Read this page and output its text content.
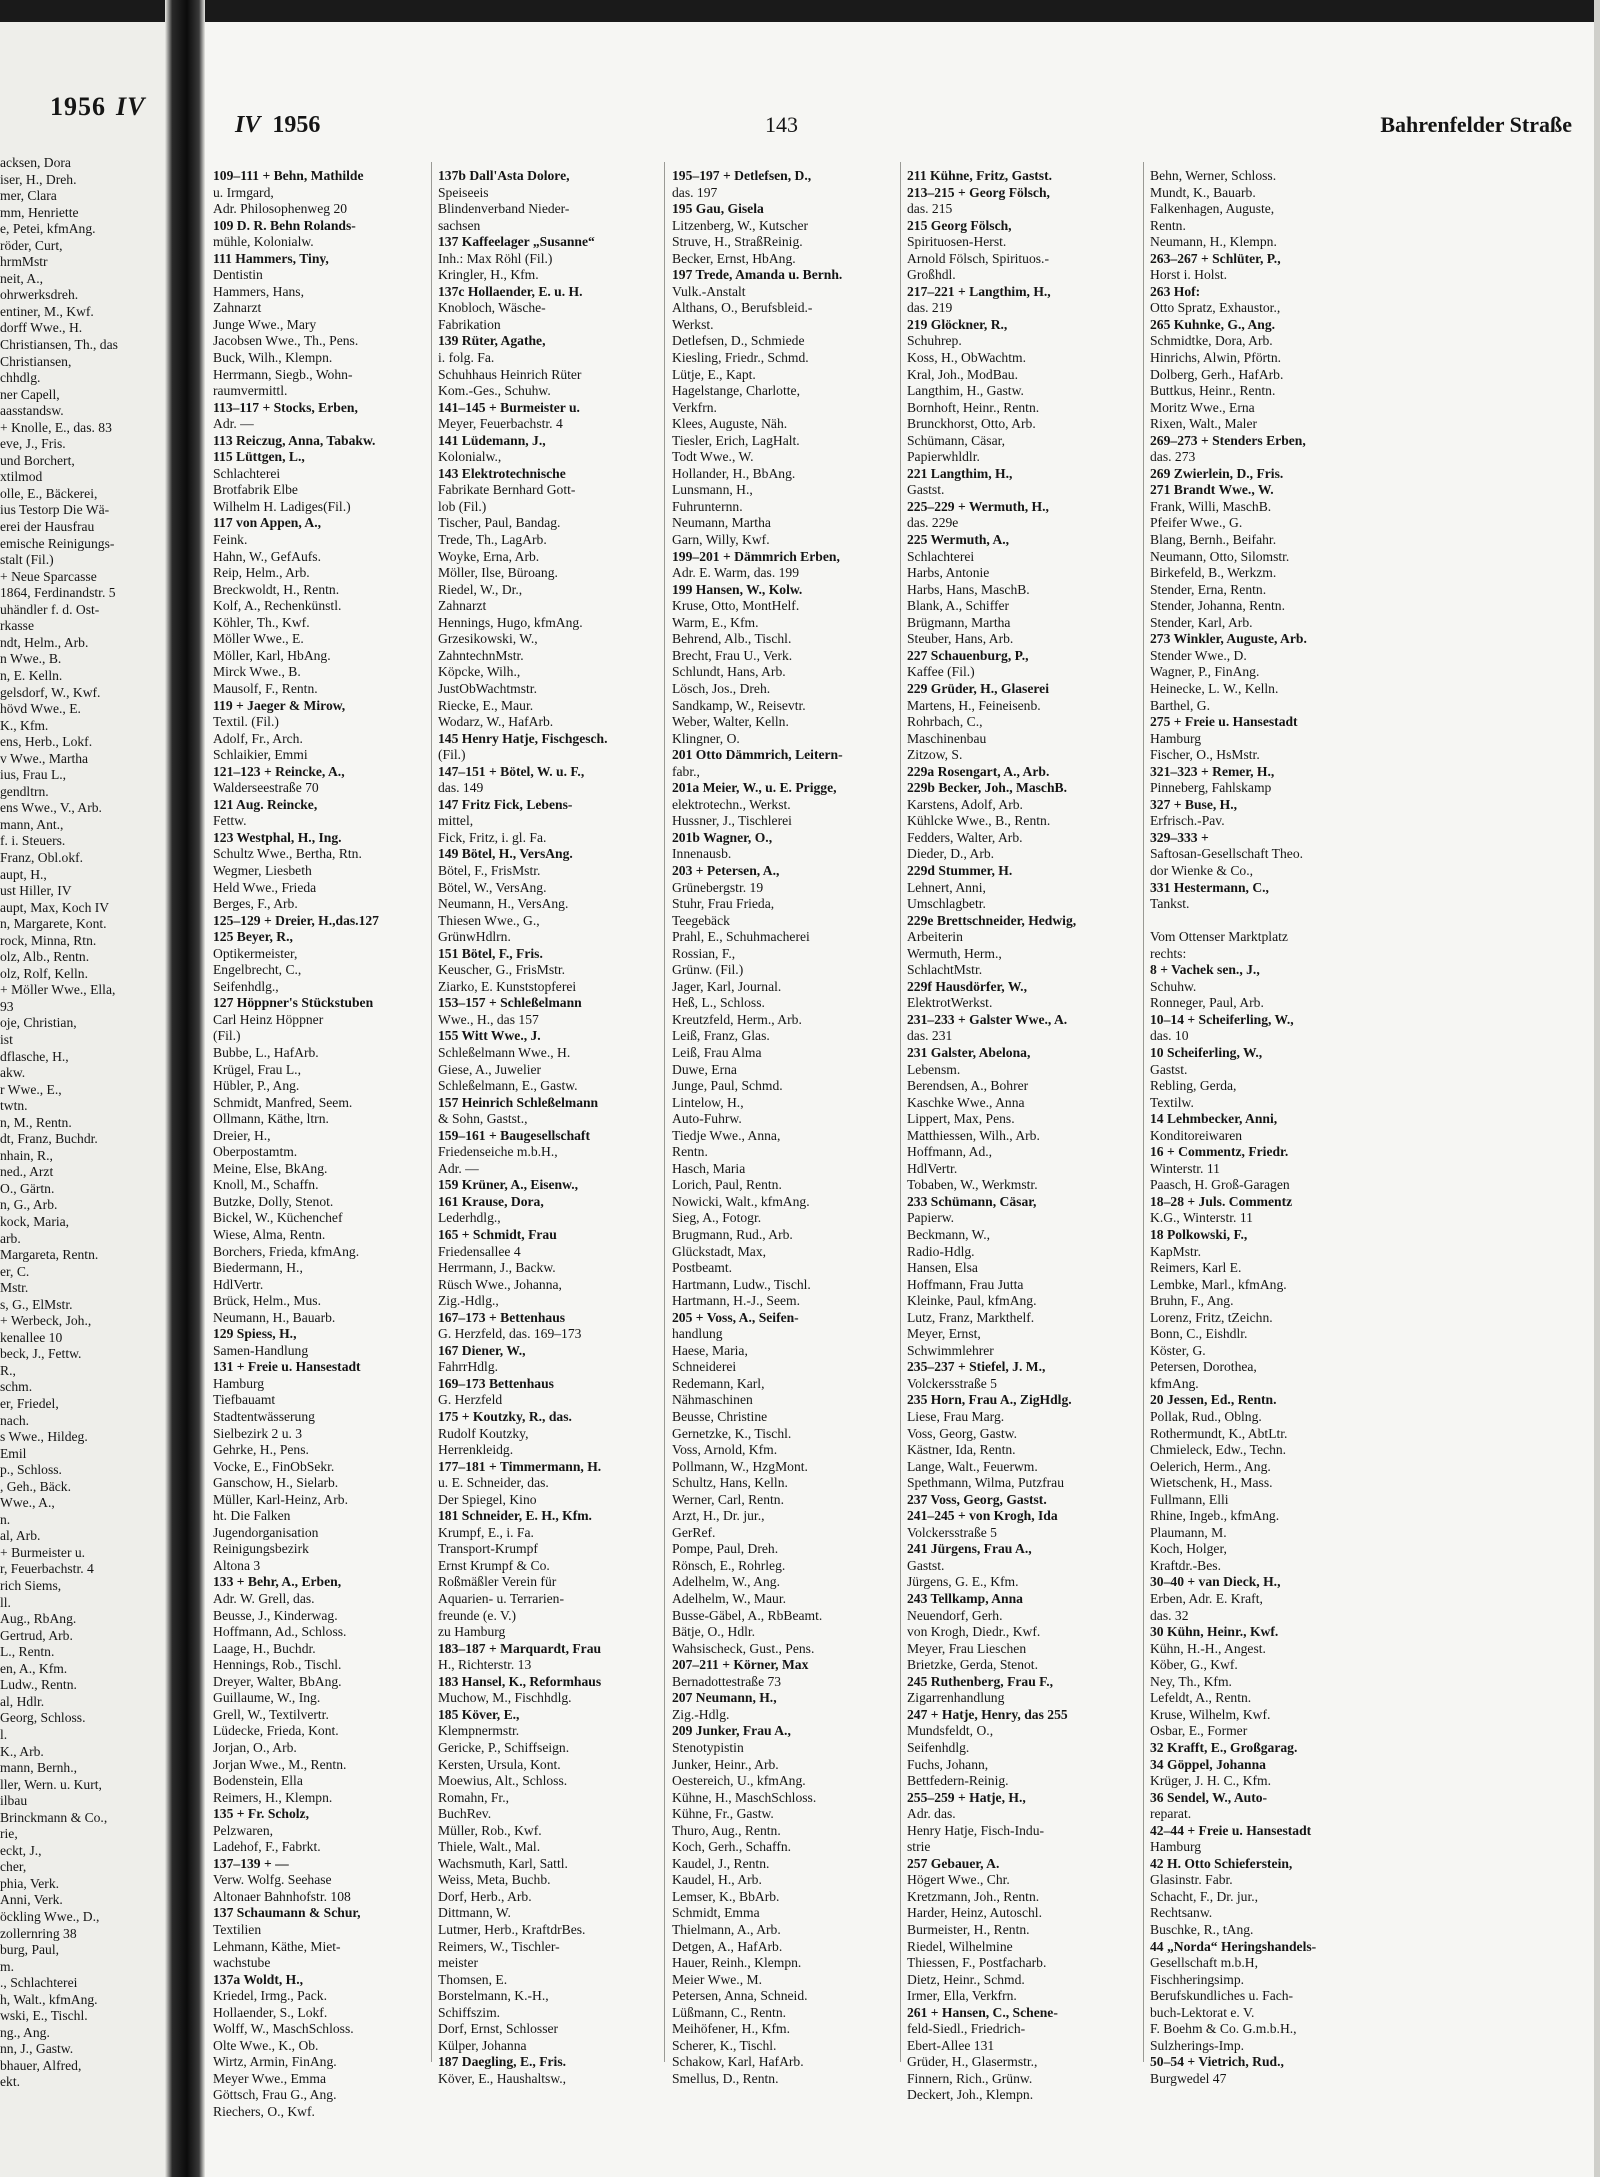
1956 IV
acksen, Dora
iser, H., Dreh.
mer, Clara
mm, Henriette
e, Petei, kfmAng.
röder, Curt,
hrmMstr
neit, A.,
ohrwerksdreh.
entiner, M., Kwf.
dorff Wwe., H.
Christiansen, Th., das
Christiansen,
chhdlg.
ner Capell,
aasstandsw.
+ Knolle, E., das. 83
eve, J., Fris.
und Borchert,
xtilmod
olle, E., Bäckerei,
ius Testorp Die Wä-
erei der Hausfrau
emische Reinigungs-
stalt (Fil.)
+ Neue Sparcasse
1864, Ferdinandstr. 5
uhändler f. d. Ost-
rkasse
ndt, Helm., Arb.
n Wwe., B.
n, E. Kelln.
gelsdorf, W., Kwf.
hövd Wwe., E.
K., Kfm.
ens, Herb., Lokf.
v Wwe., Martha
ius, Frau L.,
gendltrn.
ens Wwe., V., Arb.
mann, Ant.,
f. i. Steuers.
Franz, Obl.okf.
aupt, H.,
ust Hiller, IV
aupt, Max, Koch IV
n, Margarete, Kont.
rock, Minna, Rtn.
olz, Alb., Rentn.
olz, Rolf, Kelln.
+ Möller Wwe., Ella,
93
oje, Christian,
ist
dflasche, H.,
akw.
r Wwe., E.,
twtn.
n, M., Rentn.
dt, Franz, Buchdr.
nhain, R.,
ned., Arzt
O., Gärtn.
n, G., Arb.
kock, Maria,
arb.
Margareta, Rentn.
er, C.
Mstr.
s, G., ElMstr.
+ Werbeck, Joh.,
kenallee 10
beck, J., Fettw.
R.,
schm.
er, Friedel,
nach.
s Wwe., Hildeg.
Emil
p., Schloss.
, Geh., Bäck.
Wwe., A.,
n.
al, Arb.
+ Burmeister u.
r, Feuerbachstr. 4
rich Siems,
ll.
Aug., RbAng.
Gertrud, Arb.
L., Rentn.
en, A., Kfm.
Ludw., Rentn.
al, Hdlr.
Georg, Schloss.
l.
K., Arb.
mann, Bernh.,
ller, Wern. u. Kurt,
ilbau
Brinckmann & Co.,
rie,
eckt, J.,
cher,
phia, Verk.
Anni, Verk.
öckling Wwe., D.,
zollernring 38
burg, Paul,
m.
., Schlachterei
h, Walt., kfmAng.
wski, E., Tischl.
ng., Ang.
nn, J., Gastw.
bhauer, Alfred,
ekt.
IV 1956	143	Bahrenfelder Straße
109–111 + Behn, Mathilde
u. Irmgard,
Adr. Philosophenweg 20
109 D. R. Behn Rolands-
mühle, Kolonialw.
111 Hammers, Tiny,
Dentistin
Hammers, Hans,
Zahnarzt
Junge Wwe., Mary
Jacobsen Wwe., Th., Pens.
Buck, Wilh., Klempn.
Herrmann, Siegb., Wohn-
raumvermittl.
113–117 + Stocks, Erben,
Adr. —
113 Reiczug, Anna, Tabakw.
115 Lüttgen, L.,
Schlachterei
Brotfabrik Elbe
Wilhelm H. Ladiges(Fil.)
117 von Appen, A.,
Feink.
Hahn, W., GefAufs.
Reip, Helm., Arb.
Breckwoldt, H., Rentn.
Kolf, A., Rechenkünstl.
Köhler, Th., Kwf.
Möller Wwe., E.
Möller, Karl, HbAng.
Mirck Wwe., B.
Mausolf, F., Rentn.
119 + Jaeger & Mirow,
Textil. (Fil.)
Adolf, Fr., Arch.
Schlaikier, Emmi
121–123 + Reincke, A.,
Walderseestraße 70
121 Aug. Reincke,
Fettw.
123 Westphal, H., Ing.
Schultz Wwe., Bertha, Rtn.
Wegmer, Liesbeth
Held Wwe., Frieda
Berges, F., Arb.
125–129 + Dreier, H.,das.127
125 Beyer, R.,
Optikermeister,
Engelbrecht, C.,
Seifenhdlg.,
127 Höppner's Stückstuben
Carl Heinz Höppner
(Fil.)
Bubbe, L., HafArb.
Krügel, Frau L.,
Hübler, P., Ang.
Schmidt, Manfred, Seem.
Ollmann, Käthe, ltrn.
Dreier, H.,
Oberpostamtm.
Meine, Else, BkAng.
Knoll, M., Schaffn.
Butzke, Dolly, Stenot.
Bickel, W., Küchenchef
Wiese, Alma, Rentn.
Borchers, Frieda, kfmAng.
Biedermann, H.,
HdlVertr.
Brück, Helm., Mus.
Neumann, H., Bauarb.
129 Spiess, H.,
Samen-Handlung
131 + Freie u. Hansestadt
Hamburg
Tiefbauamt
Stadtentwässerung
Sielbezirk 2 u. 3
Gehrke, H., Pens.
Vocke, E., FinObSekr.
Ganschow, H., Sielarb.
Müller, Karl-Heinz, Arb.
ht. Die Falken
Jugendorganisation
Reinigungsbezirk
Altona 3
133 + Behr, A., Erben,
Adr. W. Grell, das.
Beusse, J., Kinderwag.
Hoffmann, Ad., Schloss.
Laage, H., Buchdr.
Hennings, Rob., Tischl.
Dreyer, Walter, BbAng.
Guillaume, W., Ing.
Grell, W., Textilvertr.
Lüdecke, Frieda, Kont.
Jorjan, O., Arb.
Jorjan Wwe., M., Rentn.
Bodenstein, Ella
Reimers, H., Klempn.
135 + Fr. Scholz,
Pelzwaren,
Ladehof, F., Fabrkt.
137–139 + —
Verw. Wolfg. Seehase
Altonaer Bahnhofstr. 108
137 Schaumann & Schur,
Textilien
Lehmann, Käthe, Miet-
wachstube
137a Woldt, H.,
Kriedel, Irmg., Pack.
Hollaender, S., Lokf.
Wolff, W., MaschSchloss.
Olte Wwe., K., Ob.
Wirtz, Armin, FinAng.
Meyer Wwe., Emma
Göttsch, Frau G., Ang.
Riechers, O., Kwf.
137b Dall'Asta Dolore,
Speiseeis
Blindenverband Nieder-
sachsen
137 Kaffeelager „Susanne“
Inh.: Max Röhl (Fil.)
Kringler, H., Kfm.
137c Hollaender, E. u. H.
Knobloch, Wäsche-
Fabrikation
139 Rüter, Agathe,
i. folg. Fa.
Schuhhaus Heinrich Rüter
Kom.-Ges., Schuhw.
141–145 + Burmeister u.
Meyer, Feuerbachstr. 4
141 Lüdemann, J.,
Kolonialw.,
143 Elektrotechnische
Fabrikate Bernhard Gott-
lob (Fil.)
Tischer, Paul, Bandag.
Trede, Th., LagArb.
Woyke, Erna, Arb.
Möller, Ilse, Büroang.
Riedel, W., Dr.,
Zahnarzt
Hennings, Hugo, kfmAng.
Grzesikowski, W.,
ZahntechnMstr.
Köpcke, Wilh.,
JustObWachtmstr.
Riecke, E., Maur.
Wodarz, W., HafArb.
145 Henry Hatje, Fischgesch.
(Fil.)
147–151 + Bötel, W. u. F.,
das. 149
147 Fritz Fick, Lebens-
mittel,
Fick, Fritz, i. gl. Fa.
149 Bötel, H., VersAng.
Bötel, F., FrisMstr.
Bötel, W., VersAng.
Neumann, H., VersAng.
Thiesen Wwe., G.,
GrünwHdlrn.
151 Bötel, F., Fris.
Keuscher, G., FrisMstr.
Ziarko, E. Kunststopferei
153–157 + Schleßelmann
Wwe., H., das 157
155 Witt Wwe., J.
Schleßelmann Wwe., H.
Giese, A., Juwelier
Schleßelmann, E., Gastw.
157 Heinrich Schleßelmann
& Sohn, Gastst.,
159–161 + Baugesellschaft
Friedenseiche m.b.H.,
Adr. —
159 Krüner, A., Eisenw.,
161 Krause, Dora,
Lederhdlg.,
165 + Schmidt, Frau
Friedensallee 4
Herrmann, J., Backw.
Rüsch Wwe., Johanna,
Zig.-Hdlg.,
167–173 + Bettenhaus
G. Herzfeld, das. 169–173
167 Diener, W.,
FahrrHdlg.
169–173 Bettenhaus
G. Herzfeld
175 + Koutzky, R., das.
Rudolf Koutzky,
Herrenkleidg.
177–181 + Timmermann, H.
u. E. Schneider, das.
Der Spiegel, Kino
181 Schneider, E. H., Kfm.
Krumpf, E., i. Fa.
Transport-Krumpf
Ernst Krumpf & Co.
Roßmäßler Verein für
Aquarien- u. Terrarien-
freunde (e. V.)
zu Hamburg
183–187 + Marquardt, Frau
H., Richterstr. 13
183 Hansel, K., Reformhaus
Muchow, M., Fischhdlg.
185 Köver, E.,
Klempnermstr.
Gericke, P., Schiffseign.
Kersten, Ursula, Kont.
Moewius, Alt., Schloss.
Romahn, Fr.,
BuchRev.
Müller, Rob., Kwf.
Thiele, Walt., Mal.
Wachsmuth, Karl, Sattl.
Weiss, Meta, Buchb.
Dorf, Herb., Arb.
Dittmann, W.
Lutmer, Herb., KraftdrBes.
Reimers, W., Tischler-
meister
Thomsen, E.
Borstelmann, K.-H.,
Schiffszim.
Dorf, Ernst, Schlosser
Külper, Johanna
187 Daegling, E., Fris.
Köver, E., Haushaltsw.,
195–197 + Detlefsen, D.,
das. 197
195 Gau, Gisela
Litzenberg, W., Kutscher
Struve, H., StraßReinig.
Becker, Ernst, HbAng.
197 Trede, Amanda u. Bernh.
Vulk.-Anstalt
Althans, O., Berufsbleid.-
Werkst.
Detlefsen, D., Schmiede
Kiesling, Friedr., Schmd.
Lütje, E., Kapt.
Hagelstange, Charlotte,
Verkfrn.
Klees, Auguste, Näh.
Tiesler, Erich, LagHalt.
Todt Wwe., W.
Hollander, H., BbAng.
Lunsmann, H.,
Fuhrunternn.
Neumann, Martha
Garn, Willy, Kwf.
199–201 + Dämmrich Erben,
Adr. E. Warm, das. 199
199 Hansen, W., Kolw.
Kruse, Otto, MontHelf.
Warm, E., Kfm.
Behrend, Alb., Tischl.
Brecht, Frau U., Verk.
Schlundt, Hans, Arb.
Lösch, Jos., Dreh.
Sandkamp, W., Reisevtr.
Weber, Walter, Kelln.
Klingner, O.
201 Otto Dämmrich, Leitern-
fabr.,
201a Meier, W., u. E. Prigge,
elektrotechn., Werkst.
Hussner, J., Tischlerei
201b Wagner, O.,
Innenausb.
203 + Petersen, A.,
Grünebergstr. 19
Stuhr, Frau Frieda,
Teegebäck
Prahl, E., Schuhmacherei
Rossian, F.,
Grünw. (Fil.)
Jager, Karl, Journal.
Heß, L., Schloss.
Kreutzfeld, Herm., Arb.
Leiß, Franz, Glas.
Leiß, Frau Alma
Duwe, Erna
Junge, Paul, Schmd.
Lintelow, H.,
Auto-Fuhrw.
Tiedje Wwe., Anna,
Rentn.
Hasch, Maria
Lorich, Paul, Rentn.
Nowicki, Walt., kfmAng.
Sieg, A., Fotogr.
Brugmann, Rud., Arb.
Glückstadt, Max,
Postbeamt.
Hartmann, Ludw., Tischl.
Hartmann, H.-J., Seem.
205 + Voss, A., Seifen-
handlung
Haese, Maria,
Schneiderei
Redemann, Karl,
Nähmaschinen
Beusse, Christine
Gernetzke, K., Tischl.
Voss, Arnold, Kfm.
Pollmann, W., HzgMont.
Schultz, Hans, Kelln.
Werner, Carl, Rentn.
Arzt, H., Dr. jur.,
GerRef.
Pompe, Paul, Dreh.
Rönsch, E., Rohrleg.
Adelhelm, W., Ang.
Adelhelm, W., Maur.
Busse-Gäbel, A., RbBeamt.
Bätje, O., Hdlr.
Wahsischeck, Gust., Pens.
207–211 + Körner, Max
Bernadottestraße 73
207 Neumann, H.,
Zig.-Hdlg.
209 Junker, Frau A.,
Stenotypistin
Junker, Heinr., Arb.
Oestereich, U., kfmAng.
Kühne, H., MaschSchloss.
Kühne, Fr., Gastw.
Thuro, Aug., Rentn.
Koch, Gerh., Schaffn.
Kaudel, J., Rentn.
Kaudel, H., Arb.
Lemser, K., BbArb.
Schmidt, Emma
Thielmann, A., Arb.
Detgen, A., HafArb.
Hauer, Reinh., Klempn.
Meier Wwe., M.
Petersen, Anna, Schneid.
Lüßmann, C., Rentn.
Meihöfener, H., Kfm.
Scherer, K., Tischl.
Schakow, Karl, HafArb.
Smellus, D., Rentn.
211 Kühne, Fritz, Gastst.
213–215 + Georg Fölsch,
das. 215
215 Georg Fölsch,
Spirituosen-Herst.
Arnold Fölsch, Spirituos.-
Großhdl.
217–221 + Langthim, H.,
das. 219
219 Glöckner, R.,
Schuhrep.
Koss, H., ObWachtm.
Kral, Joh., ModBau.
Langthim, H., Gastw.
Bornhoft, Heinr., Rentn.
Brunckhorst, Otto, Arb.
Schümann, Cäsar,
Papierwhldlr.
221 Langthim, H.,
Gastst.
225–229 + Wermuth, H.,
das. 229e
225 Wermuth, A.,
Schlachterei
Harbs, Antonie
Harbs, Hans, MaschB.
Blank, A., Schiffer
Brügmann, Martha
Steuber, Hans, Arb.
227 Schauenburg, P.,
Kaffee (Fil.)
229 Grüder, H., Glaserei
Martens, H., Feineisenb.
Rohrbach, C.,
Maschinenbau
Zitzow, S.
229a Rosengart, A., Arb.
229b Becker, Joh., MaschB.
Karstens, Adolf, Arb.
Kühlcke Wwe., B., Rentn.
Fedders, Walter, Arb.
Dieder, D., Arb.
229d Stummer, H.
Lehnert, Anni,
Umschlagbetr.
229e Brettschneider, Hedwig,
Arbeiterin
Wermuth, Herm.,
SchlachtMstr.
229f Hausdörfer, W.,
ElektrotWerkst.
231–233 + Galster Wwe., A.
das. 231
231 Galster, Abelona,
Lebensm.
Berendsen, A., Bohrer
Kaschke Wwe., Anna
Lippert, Max, Pens.
Matthiessen, Wilh., Arb.
Hoffmann, Ad.,
HdlVertr.
Tobaben, W., Werkmstr.
233 Schümann, Cäsar,
Papierw.
Beckmann, W.,
Radio-Hdlg.
Hansen, Elsa
Hoffmann, Frau Jutta
Kleinke, Paul, kfmAng.
Lutz, Franz, Markthelf.
Meyer, Ernst,
Schwimmlehrer
235–237 + Stiefel, J. M.,
Volckersstraße 5
235 Horn, Frau A., ZigHdlg.
Liese, Frau Marg.
Voss, Georg, Gastw.
Kästner, Ida, Rentn.
Lange, Walt., Feuerwm.
Spethmann, Wilma, Putzfrau
237 Voss, Georg, Gastst.
241–245 + von Krogh, Ida
Volckersstraße 5
241 Jürgens, Frau A.,
Gastst.
Jürgens, G. E., Kfm.
243 Tellkamp, Anna
Neuendorf, Gerh.
von Krogh, Diedr., Kwf.
Meyer, Frau Lieschen
Brietzke, Gerda, Stenot.
245 Ruthenberg, Frau F.,
Zigarrenhandlung
247 + Hatje, Henry, das 255
Mundsfeldt, O.,
Seifenhdlg.
Fuchs, Johann,
Bettfedern-Reinig.
255–259 + Hatje, H.,
Adr. das.
Henry Hatje, Fisch-Indu-
strie
257 Gebauer, A.
Högert Wwe., Chr.
Kretzmann, Joh., Rentn.
Harder, Heinz, Autoschl.
Burmeister, H., Rentn.
Riedel, Wilhelmine
Thiessen, F., Postfacharb.
Dietz, Heinr., Schmd.
Irmer, Ella, Verkfrn.
261 + Hansen, C., Schene-
feld-Siedl., Friedrich-
Ebert-Allee 131
Grüder, H., Glasermstr.,
Finnern, Rich., Grünw.
Deckert, Joh., Klempn.
Behn, Werner, Schloss.
Mundt, K., Bauarb.
Falkenhagen, Auguste,
Rentn.
Neumann, H., Klempn.
263–267 + Schlüter, P.,
Horst i. Holst.
263 Hof:
Otto Spratz, Exhaustor.,
265 Kuhnke, G., Ang.
Schmidtke, Dora, Arb.
Hinrichs, Alwin, Pförtn.
Dolberg, Gerh., HafArb.
Buttkus, Heinr., Rentn.
Moritz Wwe., Erna
Rixen, Walt., Maler
269–273 + Stenders Erben,
das. 273
269 Zwierlein, D., Fris.
271 Brandt Wwe., W.
Frank, Willi, MaschB.
Pfeifer Wwe., G.
Blang, Bernh., Beifahr.
Neumann, Otto, Silomstr.
Birkefeld, B., Werkzm.
Stender, Erna, Rentn.
Stender, Johanna, Rentn.
Stender, Karl, Arb.
273 Winkler, Auguste, Arb.
Stender Wwe., D.
Wagner, P., FinAng.
Heinecke, L. W., Kelln.
Barthel, G.
275 + Freie u. Hansestadt
Hamburg
Fischer, O., HsMstr.
321–323 + Remer, H.,
Pinneberg, Fahlskamp
327 + Buse, H.,
Erfrisch.-Pav.
329–333 +
Saftosan-Gesellschaft Theo.
dor Wienke & Co.,
331 Hestermann, C.,
Tankst.

Vom Ottenser Marktplatz
rechts:
8 + Vachek sen., J.,
Schuhw.
Ronneger, Paul, Arb.
10–14 + Scheiferling, W.,
das. 10
10 Scheiferling, W.,
Gastst.
Rebling, Gerda,
Textilw.
14 Lehmbecker, Anni,
Konditoreiwaren
16 + Commentz, Friedr.
Winterstr. 11
Paasch, H. Groß-Garagen
18–28 + Juls. Commentz
K.G., Winterstr. 11
18 Polkowski, F.,
KapMstr.
Reimers, Karl E.
Lembke, Marl., kfmAng.
Bruhn, F., Ang.
Lorenz, Fritz, tZeichn.
Bonn, C., Eishdlr.
Köster, G.
Petersen, Dorothea,
kfmAng.
20 Jessen, Ed., Rentn.
Pollak, Rud., Oblng.
Rothermundt, K., AbtLtr.
Chmieleck, Edw., Techn.
Oelerich, Herm., Ang.
Wietschenk, H., Mass.
Fullmann, Elli
Rhine, Ingeb., kfmAng.
Plaumann, M.
Koch, Holger,
Kraftdr.-Bes.
30–40 + van Dieck, H.,
Erben, Adr. E. Kraft,
das. 32
30 Kühn, Heinr., Kwf.
Kühn, H.-H., Angest.
Köber, G., Kwf.
Ney, Th., Kfm.
Lefeldt, A., Rentn.
Kruse, Wilhelm, Kwf.
Osbar, E., Former
32 Krafft, E., Großgarag.
34 Göppel, Johanna
Krüger, J. H. C., Kfm.
36 Sendel, W., Auto-
reparat.
42–44 + Freie u. Hansestadt
Hamburg
42 H. Otto Schieferstein,
Glasinstr. Fabr.
Schacht, F., Dr. jur.,
Rechtsanw.
Buschke, R., tAng.
44 „Norda“ Heringshandels-
Gesellschaft m.b.H,
Fischheringsimp.
Berufskundliches u. Fach-
buch-Lektorat e. V.
F. Boehm & Co. G.m.b.H.,
Sulzherings-Imp.
50–54 + Vietrich, Rud.,
Burgwedel 47
